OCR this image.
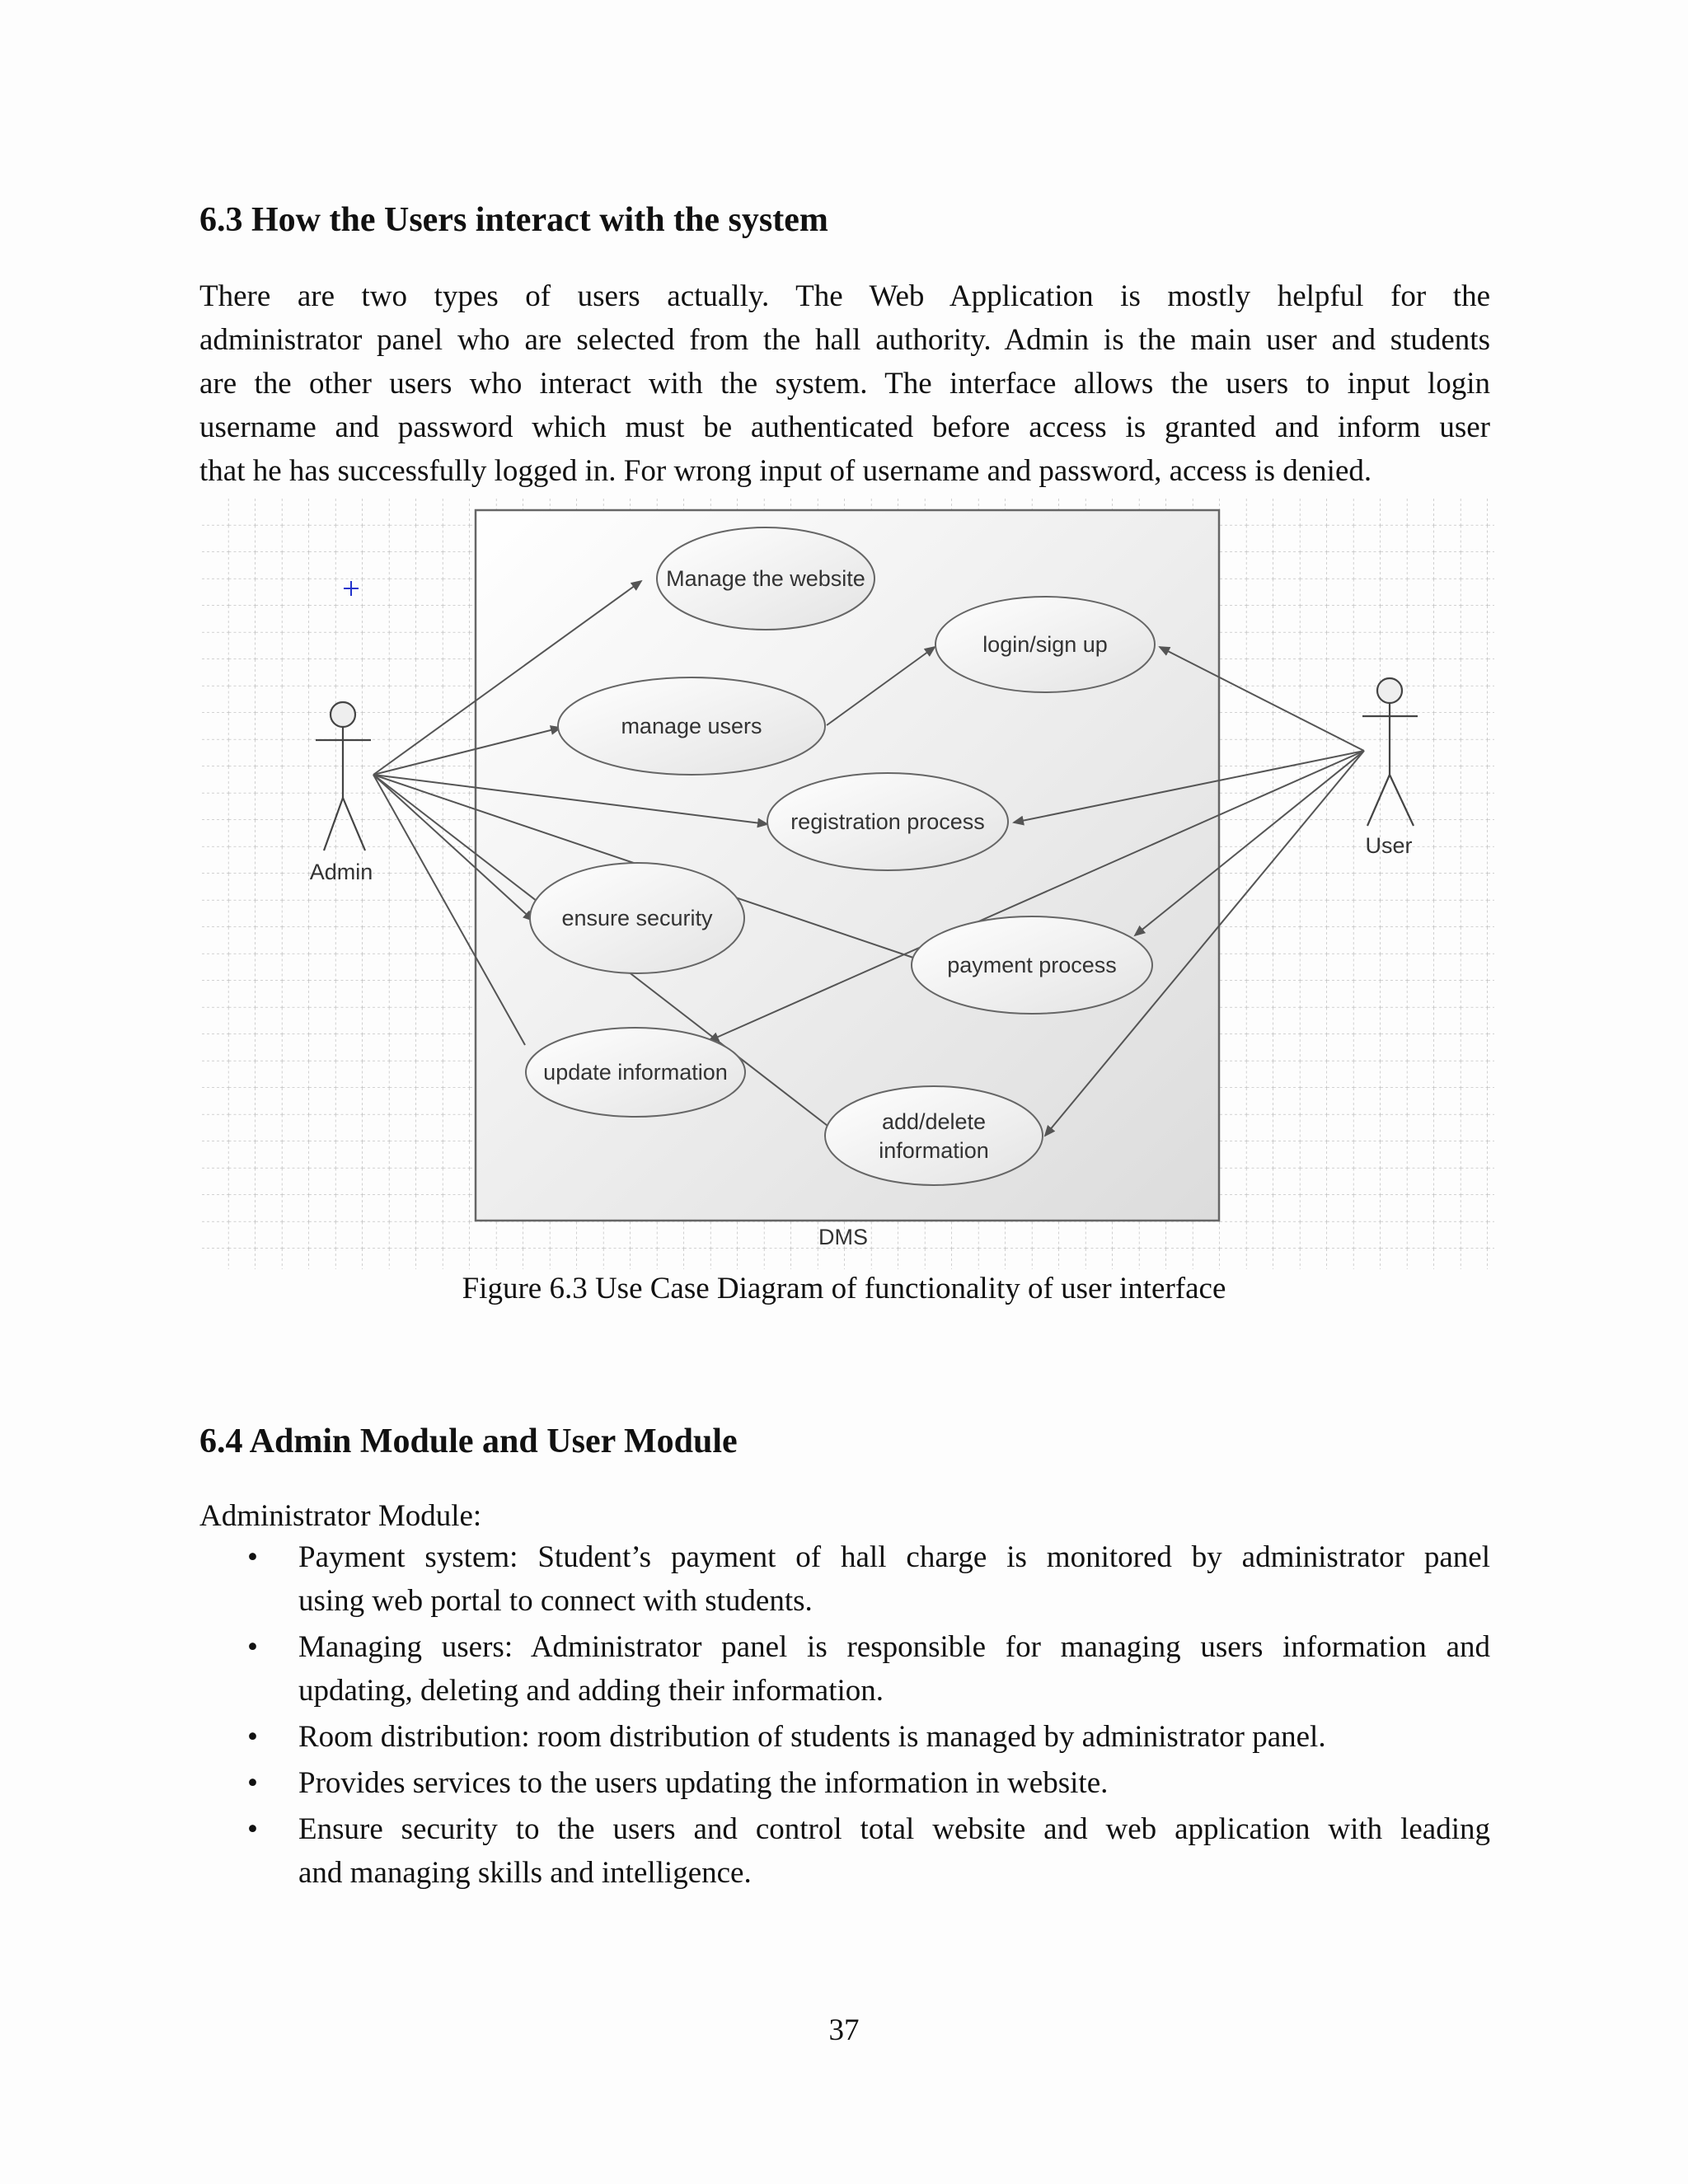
6.3 How the Users interact with the system
There are two types of users actually. The Web Application is mostly helpful for the
administrator panel who are selected from the hall authority. Admin is the main user and students
are the other users who interact with the system. The interface allows the users to input login
username and password which must be authenticated before access is granted and inform user
that he has successfully logged in. For wrong input of username and password, access is denied.
DMS
Manage the website
login/sign up
manage users
registration process
ensure security
payment process
update information
add/delete
information
Admin
User

Figure 6.3 Use Case Diagram of functionality of user interface

6.4 Admin Module and User Module

Administrator Module:

• Payment system: Student’s payment of hall charge is monitored by administrator panel
using web portal to connect with students.
• Managing users: Administrator panel is responsible for managing users information and
updating, deleting and adding their information.
• Room distribution: room distribution of students is managed by administrator panel.
• Provides services to the users updating the information in website.
• Ensure security to the users and control total website and web application with leading
and managing skills and intelligence.

37
